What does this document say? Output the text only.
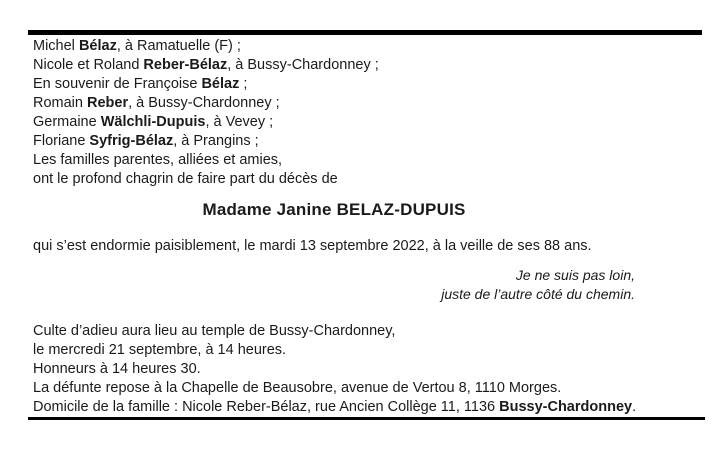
Michel Bélaz, à Ramatuelle (F) ;
Nicole et Roland Reber-Bélaz, à Bussy-Chardonney ;
En souvenir de Françoise Bélaz ;
Romain Reber, à Bussy-Chardonney ;
Germaine Wälchli-Dupuis, à Vevey ;
Floriane Syfrig-Bélaz, à Prangins ;
Les familles parentes, alliées et amies,
ont le profond chagrin de faire part du décès de
Madame Janine BELAZ-DUPUIS
qui s’est endormie paisiblement, le mardi 13 septembre 2022, à la veille de ses 88 ans.
Je ne suis pas loin,
juste de l’autre côté du chemin.
Culte d’adieu aura lieu au temple de Bussy-Chardonney,
le mercredi 21 septembre, à 14 heures.
Honneurs à 14 heures 30.
La défunte repose à la Chapelle de Beausobre, avenue de Vertou 8, 1110 Morges.
Domicile de la famille : Nicole Reber-Bélaz, rue Ancien Collège 11, 1136 Bussy-Chardonney.
